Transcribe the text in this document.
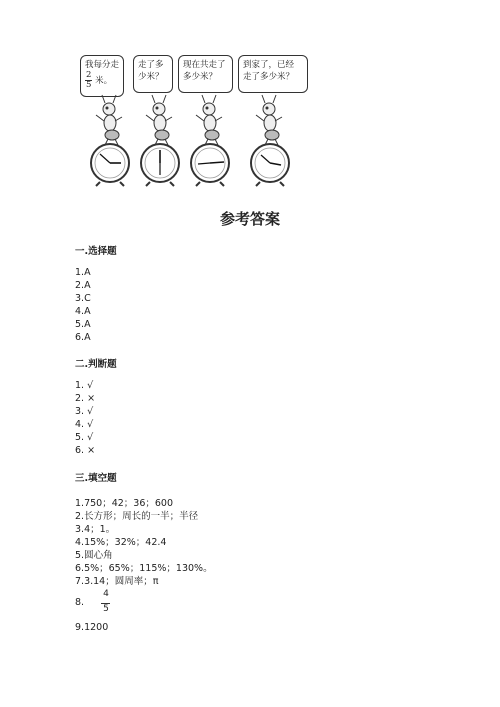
我每分走
$\frac{2}{5}$ 米。
走了多
少米？
现在共走了
多少米？
到家了，已经
走了多少米？
参考答案
一.选择题
1.A
2.A
3.C
4.A
5.A
6.A
二.判断题
1. √
2. ×
3. √
4. √
5. √
6. ×
三.填空题
1.750；42；36；600
2.长方形；周长的一半；半径
3.4；1。
4.15%；32%；42.4
5.圆心角
6.5%；65%；115%；130%。
7.3.14；圆周率；π
8.
4
5
9.1200
